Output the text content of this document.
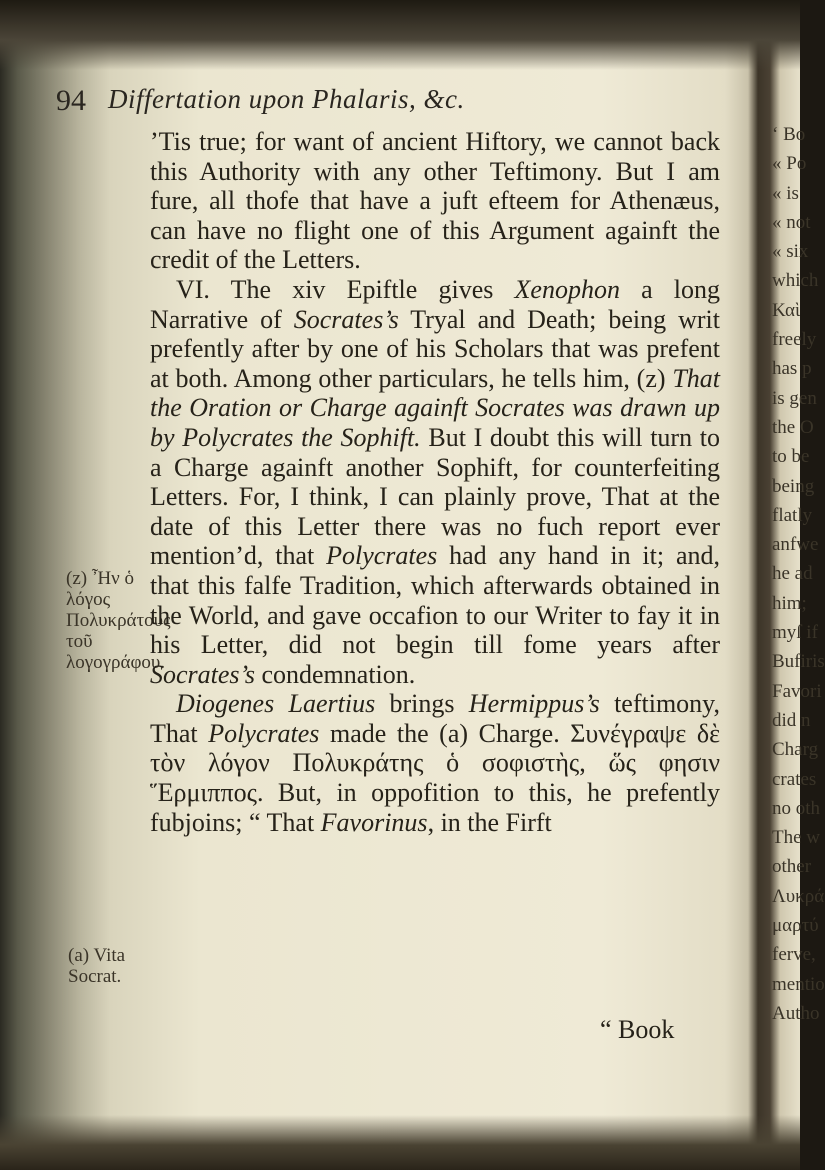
94 Differtation upon Phalaris, &c.
(z) Ἦν ὁ λόγος Πολυκράτους τοῦ λογογράφου.
(a) Vita Socrat.

’Tis true; for want of ancient Hiftory, we cannot back this Authority with any other Teftimony. But I am fure, all thofe that have a juft efteem for Athenæus, can have no flight one of this Argument againft the credit of the Letters.

VI. The xiv Epiftle gives Xenophon a long Narrative of Socrates’s Tryal and Death; being writ prefently after by one of his Scholars that was prefent at both. Among other particulars, he tells him, (z) That the Oration or Charge againft Socrates was drawn up by Polycrates the Sophift. But I doubt this will turn to a Charge againft another Sophift, for counterfeiting Letters. For, I think, I can plainly prove, That at the date of this Letter there was no fuch report ever mention’d, that Polycrates had any hand in it; and, that this falfe Tradition, which afterwards obtained in the World, and gave occafion to our Writer to fay it in his Letter, did not begin till fome years after Socrates’s condemnation.

Diogenes Laertius brings Hermippus’s teftimony, That Polycrates made the (a) Charge. Συνέγραψε δὲ τὸν λόγον Πολυκράτης ὁ σοφιστὴς, ὥς φησιν Ἕρμιππος. But, in oppofition to this, he prefently fubjoins; “ That Favorinus, in the Firft

“ Book
‘ Bo
« Po
« is
« not
« six
which
Καὶ
freely
has p
is gen
the O
to be
being
flatly
anfwe
he ad
him;
myſ if
Bufiris
Favori
did n
Charg
crates
no oth
The w
other
Λυκρά
μαρτύ
ferve,
mentio
Autho
